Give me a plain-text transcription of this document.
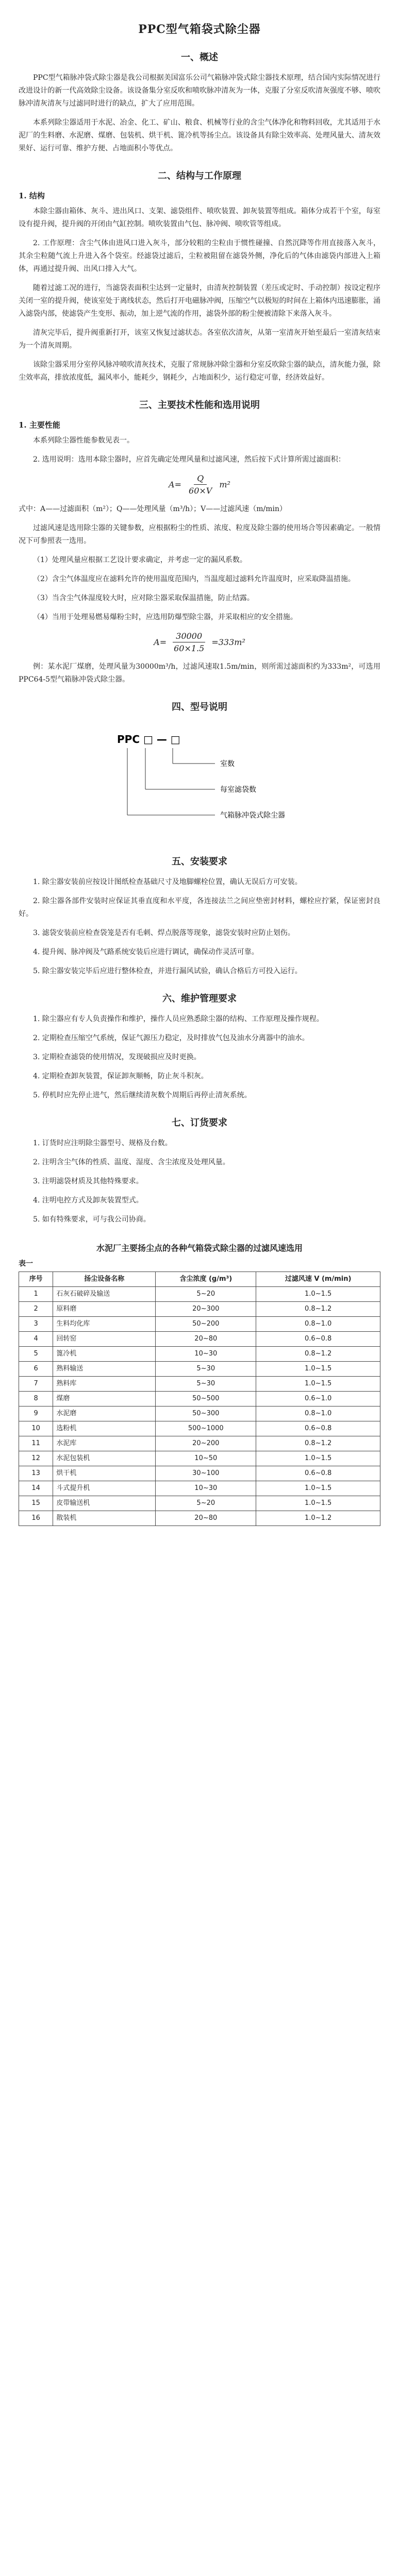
PPC型气箱袋式除尘器
一、概述

PPC型气箱脉冲袋式除尘器是我公司根据美国富乐公司气箱脉冲袋式除尘器技术原理，结合国内实际情况进行改进设计的新一代高效除尘设备。该设备集分室反吹和喷吹脉冲清灰为一体，克服了分室反吹清灰强度不够、喷吹脉冲清灰清灰与过滤同时进行的缺点，扩大了应用范围。

本系列除尘器适用于水泥、冶金、化工、矿山、粮食、机械等行业的含尘气体净化和物料回收，尤其适用于水泥厂的生料磨、水泥磨、煤磨、包装机、烘干机、篦冷机等扬尘点。该设备具有除尘效率高、处理风量大、清灰效果好、运行可靠、维护方便、占地面积小等优点。

二、结构与工作原理
1. 结构

本除尘器由箱体、灰斗、进出风口、支架、滤袋组件、喷吹装置、卸灰装置等组成。箱体分成若干个室，每室设有提升阀，提升阀的开闭由气缸控制。喷吹装置由气包、脉冲阀、喷吹管等组成。

2. 工作原理：含尘气体由进风口进入灰斗，部分较粗的尘粒由于惯性碰撞、自然沉降等作用直接落入灰斗，其余尘粒随气流上升进入各个袋室。经滤袋过滤后，尘粒被阻留在滤袋外侧，净化后的气体由滤袋内部进入上箱体，再通过提升阀、出风口排入大气。

随着过滤工况的进行，当滤袋表面积尘达到一定量时，由清灰控制装置（差压或定时、手动控制）按设定程序关闭一室的提升阀，使该室处于离线状态，然后打开电磁脉冲阀，压缩空气以极短的时间在上箱体内迅速膨胀，涌入滤袋内部，使滤袋产生变形、振动，加上逆气流的作用，滤袋外部的粉尘便被清除下来落入灰斗。

清灰完毕后，提升阀重新打开，该室又恢复过滤状态。各室依次清灰，从第一室清灰开始至最后一室清灰结束为一个清灰周期。

该除尘器采用分室停风脉冲喷吹清灰技术，克服了常规脉冲除尘器和分室反吹除尘器的缺点，清灰能力强，除尘效率高，排放浓度低，漏风率小，能耗少，钢耗少，占地面积少，运行稳定可靠，经济效益好。

三、主要技术性能和选用说明
1. 主要性能

本系列除尘器性能参数见表一。

2. 选用说明：选用本除尘器时，应首先确定处理风量和过滤风速，然后按下式计算所需过滤面积：

$A= \frac{Q}{60\times V} m^2$

式中：A——过滤面积（m²）；Q——处理风量（m³/h）；V——过滤风速（m/min）

过滤风速是选用除尘器的关键参数，应根据粉尘的性质、浓度、粒度及除尘器的使用场合等因素确定。一般情况下可参照表一选用。

（1）处理风量应根据工艺设计要求确定，并考虑一定的漏风系数。

（2）含尘气体温度应在滤料允许的使用温度范围内，当温度超过滤料允许温度时，应采取降温措施。

（3）当含尘气体湿度较大时，应对除尘器采取保温措施，防止结露。

（4）当用于处理易燃易爆粉尘时，应选用防爆型除尘器，并采取相应的安全措施。

$A= \frac{30000}{60\times 1.5} =333m^2$

例：某水泥厂煤磨，处理风量为30000m³/h，过滤风速取1.5m/min，则所需过滤面积约为333m²，可选用PPC64-5型气箱脉冲袋式除尘器。

四、型号说明
PPC □ — □
室数
每室滤袋数
气箱脉冲袋式除尘器
五、安装要求

1. 除尘器安装前应按设计图纸检查基础尺寸及地脚螺栓位置，确认无误后方可安装。

2. 除尘器各部件安装时应保证其垂直度和水平度，各连接法兰之间应垫密封材料，螺栓应拧紧，保证密封良好。

3. 滤袋安装前应检查袋笼是否有毛刺、焊点脱落等现象，滤袋安装时应防止划伤。

4. 提升阀、脉冲阀及气路系统安装后应进行调试，确保动作灵活可靠。

5. 除尘器安装完毕后应进行整体检查，并进行漏风试验，确认合格后方可投入运行。

六、维护管理要求

1. 除尘器应有专人负责操作和维护，操作人员应熟悉除尘器的结构、工作原理及操作规程。

2. 定期检查压缩空气系统，保证气源压力稳定，及时排放气包及油水分离器中的油水。

3. 定期检查滤袋的使用情况，发现破损应及时更换。

4. 定期检查卸灰装置，保证卸灰顺畅，防止灰斗积灰。

5. 停机时应先停止进气，然后继续清灰数个周期后再停止清灰系统。

七、订货要求

1. 订货时应注明除尘器型号、规格及台数。

2. 注明含尘气体的性质、温度、湿度、含尘浓度及处理风量。

3. 注明滤袋材质及其他特殊要求。

4. 注明电控方式及卸灰装置型式。

5. 如有特殊要求，可与我公司协商。

水泥厂主要扬尘点的各种气箱袋式除尘器的过滤风速选用
表一
序号	扬尘设备名称	含尘浓度 (g/m³)	过滤风速 V (m/min)
1	石灰石破碎及输送	5~20	1.0~1.5
2	原料磨	20~300	0.8~1.2
3	生料均化库	50~200	0.8~1.0
4	回转窑	20~80	0.6~0.8
5	篦冷机	10~30	0.8~1.2
6	熟料输送	5~30	1.0~1.5
7	熟料库	5~30	1.0~1.5
8	煤磨	50~500	0.6~1.0
9	水泥磨	50~300	0.8~1.0
10	选粉机	500~1000	0.6~0.8
11	水泥库	20~200	0.8~1.2
12	水泥包装机	10~50	1.0~1.5
13	烘干机	30~100	0.6~0.8
14	斗式提升机	10~30	1.0~1.5
15	皮带输送机	5~20	1.0~1.5
16	散装机	20~80	1.0~1.2
